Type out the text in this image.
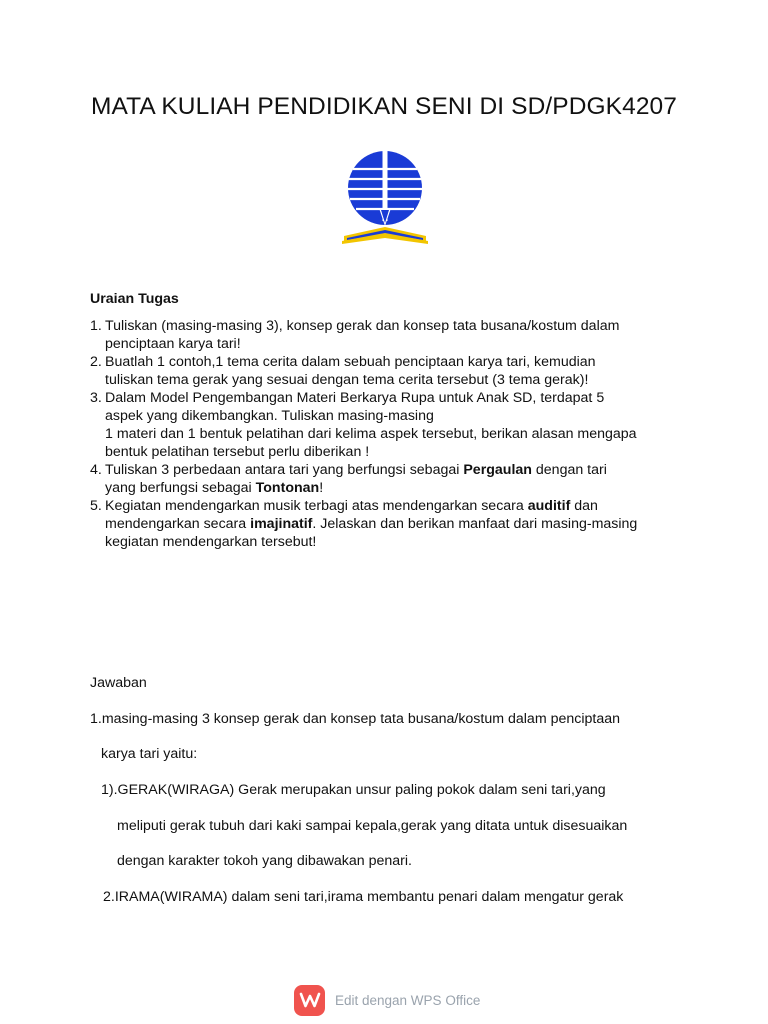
MATA KULIAH PENDIDIKAN SENI DI SD/PDGK4207
Uraian Tugas
1. Tuliskan (masing-masing 3), konsep gerak dan konsep tata busana/kostum dalam
penciptaan karya tari!
2. Buatlah 1 contoh,1 tema cerita dalam sebuah penciptaan karya tari, kemudian
tuliskan tema gerak yang sesuai dengan tema cerita tersebut (3 tema gerak)!
3. Dalam Model Pengembangan Materi Berkarya Rupa untuk Anak SD, terdapat 5
aspek yang dikembangkan. Tuliskan masing-masing
1 materi dan 1 bentuk pelatihan dari kelima aspek tersebut, berikan alasan mengapa
bentuk pelatihan tersebut perlu diberikan !
4. Tuliskan 3 perbedaan antara tari yang berfungsi sebagai Pergaulan dengan tari
yang berfungsi sebagai Tontonan!
5. Kegiatan mendengarkan musik terbagi atas mendengarkan secara auditif dan
mendengarkan secara imajinatif. Jelaskan dan berikan manfaat dari masing-masing
kegiatan mendengarkan tersebut!
Jawaban
1.masing-masing 3 konsep gerak dan konsep tata busana/kostum dalam penciptaan
karya tari yaitu:
1).GERAK(WIRAGA) Gerak merupakan unsur paling pokok dalam seni tari,yang
meliputi gerak tubuh dari kaki sampai kepala,gerak yang ditata untuk disesuaikan
dengan karakter tokoh yang dibawakan penari.
2.IRAMA(WIRAMA) dalam seni tari,irama membantu penari dalam mengatur gerak
Edit dengan WPS Office
